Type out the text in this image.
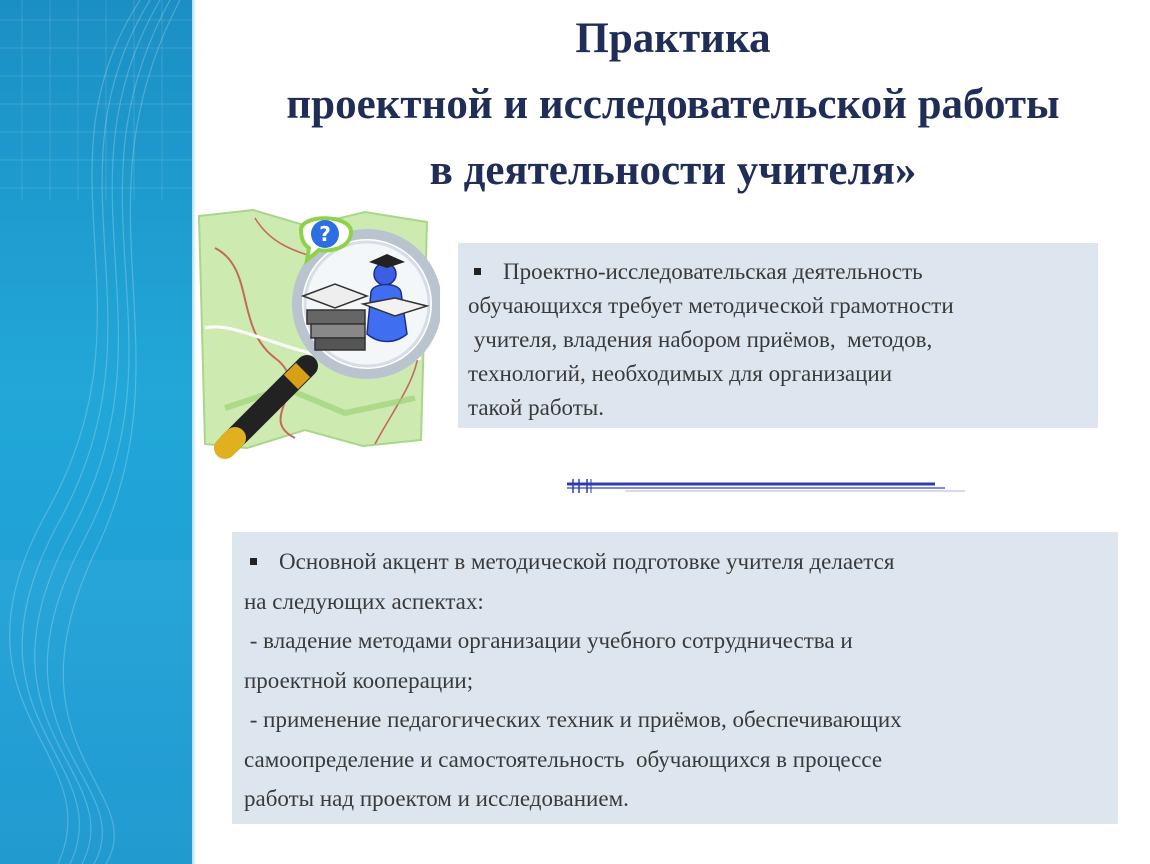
Практика
проектной и исследовательской работы
в деятельности учителя»
?
Проектно-исследовательская деятельность
обучающихся требует методической грамотности
учителя, владения набором приёмов,  методов,
технологий, необходимых для организации
такой работы.
Основной акцент в методической подготовке учителя делается
на следующих аспектах:
- владение методами организации учебного сотрудничества и
проектной кооперации;
- применение педагогических техник и приёмов, обеспечивающих
самоопределение и самостоятельность  обучающихся в процессе
работы над проектом и исследованием.
